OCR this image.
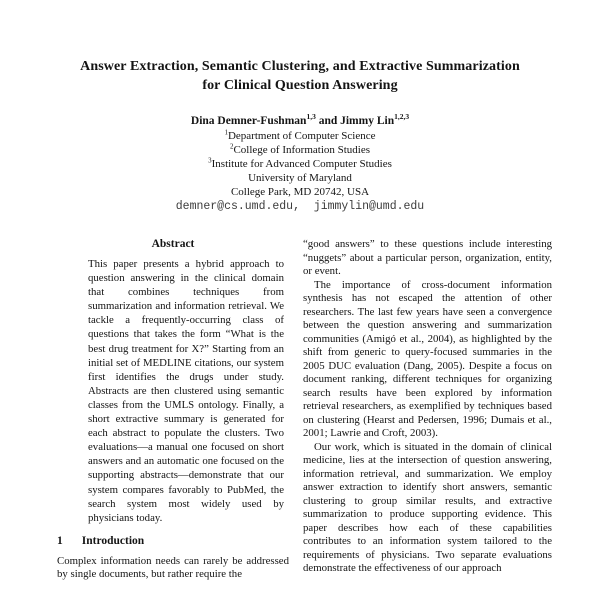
Answer Extraction, Semantic Clustering, and Extractive Summarization
for Clinical Question Answering
Dina Demner-Fushman$^{1,3}$ and Jimmy Lin$^{1,2,3}$
$^1$Department of Computer Science
$^2$College of Information Studies
$^3$Institute for Advanced Computer Studies
University of Maryland
College Park, MD 20742, USA
demner@cs.umd.edu,  jimmylin@umd.edu
Abstract

This paper presents a hybrid approach to question answering in the clinical domain that combines techniques from summarization and information retrieval. We tackle a frequently-occurring class of questions that takes the form “What is the best drug treatment for X?” Starting from an initial set of MEDLINE citations, our system first identifies the drugs under study. Abstracts are then clustered using semantic classes from the UMLS ontology. Finally, a short extractive summary is generated for each abstract to populate the clusters. Two evaluations—a manual one focused on short answers and an automatic one focused on the supporting abstracts—demonstrate that our system compares favorably to PubMed, the search system most widely used by physicians today.

1 Introduction

Complex information needs can rarely be addressed by single documents, but rather require the

“good answers” to these questions include interesting “nuggets” about a particular person, organization, entity, or event.

The importance of cross-document information synthesis has not escaped the attention of other researchers. The last few years have seen a convergence between the question answering and summarization communities (Amigó et al., 2004), as highlighted by the shift from generic to query-focused summaries in the 2005 DUC evaluation (Dang, 2005). Despite a focus on document ranking, different techniques for organizing search results have been explored by information retrieval researchers, as exemplified by techniques based on clustering (Hearst and Pedersen, 1996; Dumais et al., 2001; Lawrie and Croft, 2003).

Our work, which is situated in the domain of clinical medicine, lies at the intersection of question answering, information retrieval, and summarization. We employ answer extraction to identify short answers, semantic clustering to group similar results, and extractive summarization to produce supporting evidence. This paper describes how each of these capabilities contributes to an information system tailored to the requirements of physicians. Two separate evaluations demonstrate the effectiveness of our approach
